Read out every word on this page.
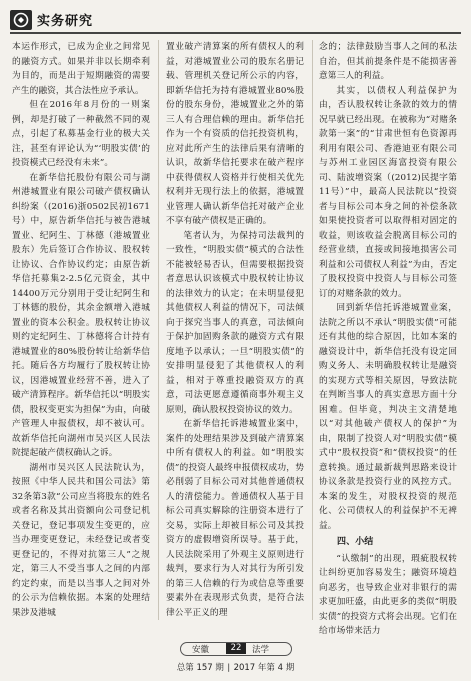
实务研究

本运作形式，已成为企业之间常见的融资方式。如果并非以长期牵利为目的，而是出于短期融资的需要产生的融资，其合法性应予承认。

但在2016年8月份的一则案例，却是打破了一种截然不同的观点，引起了私募基金行业的极大关注，甚至有评论认为“‘明股实债’的投资模式已经没有未来”。

在新华信托股份有限公司与湖州港城置业有限公司破产债权确认纠纷案（(2016)浙0502民初1671号）中，原告新华信托与被告港城置业、纪阿生、丁林德（港城置业股东）先后签订合作协议、股权转让协议、合作协议约定；由原告新华信托募集2-2.5亿元资金，其中14400万元分别用于受让纪阿生和丁林德的股份，其余金额增入港城置业的资本公积金。股权转让协议则约定纪阿生、丁林德将合计持有港城置业的80%股份转让给新华信托。随后各方均履行了股权转让协议，因港城置业经营不善，进入了破产清算程序。新华信托以“明股实债，股权变更实为担保”为由，向破产管理人申报债权，却不被认可。故新华信托向湖州市吴兴区人民法院提起破产债权确认之诉。

湖州市吴兴区人民法院认为，按照《中华人民共和国公司法》第32条第3款“公司应当将股东的姓名或者名称及其出资额向公司登记机关登记，登记事项发生变更的，应当办理变更登记，未经登记或者变更登记的，不得对抗第三人”之规定，第三人不受当事人之间的内部约定约束，而是以当事人之间对外的公示为信赖依据。本案的处理结果涉及港城

置业破产清算案的所有债权人的利益，对港城置业公司的股东名册记载、管理机关登记所公示的内容，即新华信托为持有港城置业80%股份的股东身份，港城置业之外的第三人有合理信赖的理由。新华信托作为一个有资质的信托投资机构，应对此所产生的法律后果有清晰的认识，故新华信托要求在破产程序中获得债权人资格并行使相关优先权利并无现行法上的依据，港城置业管理人确认新华信托对破产企业不享有破产债权是正确的。

笔者认为，为保持司法裁判的一致性，“明股实债”模式的合法性不能被轻易否认，但需要根据投资者意思认识该模式中股权转让协议的法律效力的认定；在未明显侵犯其他债权人利益的情况下，司法倾向于探究当事人的真意，司法倾向于保护加固购条款的融资方式有限度地予以承认；一旦“明股实债”的安排明显侵犯了其他债权人的利益，相对于尊重投融资双方的真意，司法更愿意遵循商事外观主义原则，确认股权投资协议的效力。

在新华信托诉港城置业案中，案件的处理结果涉及到破产清算案中所有债权人的利益。如“明股实债”的投资人最终申报债权成功，势必削弱了目标公司对其他普通债权人的清偿能力。普通债权人基于目标公司真实解除的注册资本进行了交易，实际上却被目标公司及其投资方的虚假增资所误导。基于此，人民法院采用了外观主义原则进行裁判，要求行为人对其行为所引发的第三人信赖的行为或信息等重要要素外在表现形式负责，是符合法律公平正义的理

念的；法律鼓励当事人之间的私法自治，但其前提条件是不能损害善意第三人的利益。

其实，以债权人利益保护为由，否认股权转让条款的效力的情况早就已经出现。在被称为“对赌条款第一案”的“甘肃世恒有色资源再利用有限公司、香港迪亚有限公司与苏州工业园区海富投资有限公司、陆波增资案（(2012)民提字第11号）”中，最高人民法院以“投资者与目标公司本身之间的补偿条款如果使投资者可以取得相对固定的收益，则该收益会脱离目标公司的经营业绩，直接或间接地损害公司利益和公司债权人利益”为由，否定了股权投资中投资人与目标公司签订的对赌条款的效力。

回到新华信托诉港城置业案，法院之所以不承认“明股实债”可能还有其他的综合原因，比如本案的融资设计中，新华信托没有设定回购义务人、未明确股权转让是融资的实现方式等相关原因，导致法院在判断当事人的真实意思方面十分困难。但毕竟，判决主文清楚地以“对其他破产债权人的保护”为由，限制了投资人对“明股实债”模式中“股权投资”和“债权投资”的任意转换。通过最新裁判思路来设计协议条款是投资行业的风控方式。本案的发生，对股权投资的规范化、公司债权人的利益保护不无裨益。

四、小结

“认缴制”的出现，瑕疵股权转让纠纷更加容易发生；融资环境趋向恶劣，也导致企业对非银行的需求更加旺盛，由此更多的类似“明股实债”的投资方式将会出现。它们在给市场带来活力

安徽	22	法学
总第 157 期 ∣ 2017 年第 4 期
